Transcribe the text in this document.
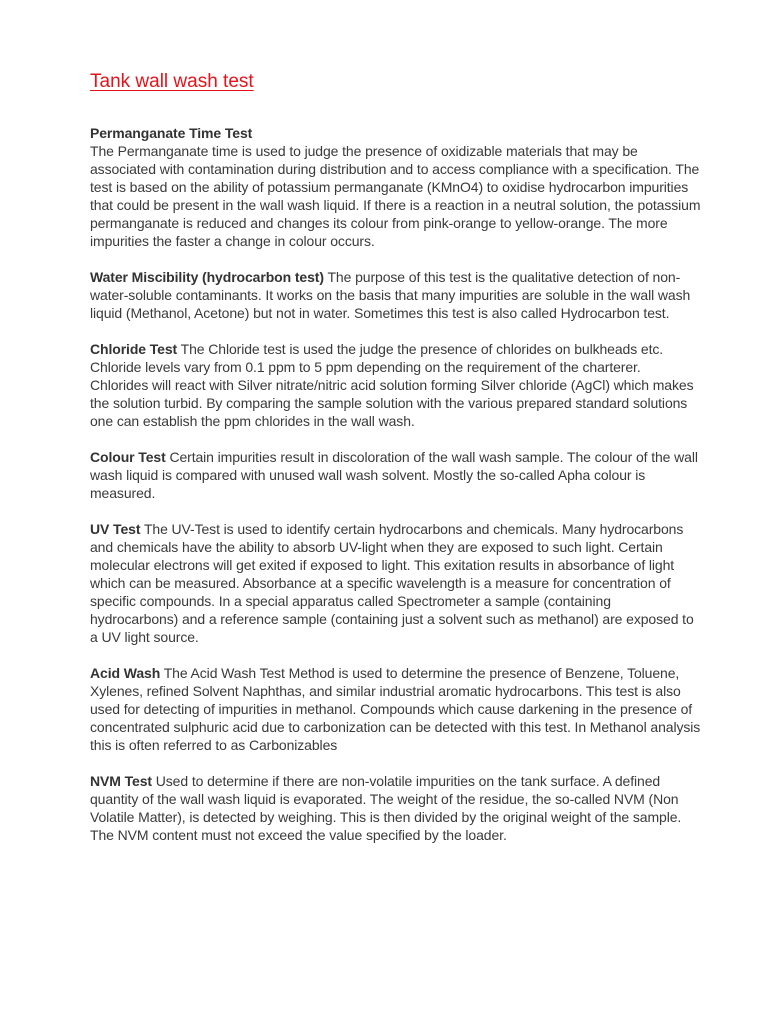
Tank wall wash test

Permanganate Time Test
The Permanganate time is used to judge the presence of oxidizable materials that may be associated with contamination during distribution and to access compliance with a specification. The test is based on the ability of potassium permanganate (KMnO4) to oxidise hydrocarbon impurities that could be present in the wall wash liquid. If there is a reaction in a neutral solution, the potassium permanganate is reduced and changes its colour from pink-orange to yellow-orange. The more impurities the faster a change in colour occurs.

Water Miscibility (hydrocarbon test) The purpose of this test is the qualitative detection of non-water-soluble contaminants. It works on the basis that many impurities are soluble in the wall wash liquid (Methanol, Acetone) but not in water. Sometimes this test is also called Hydrocarbon test.

Chloride Test The Chloride test is used the judge the presence of chlorides on bulkheads etc. Chloride levels vary from 0.1 ppm to 5 ppm depending on the requirement of the charterer. Chlorides will react with Silver nitrate/nitric acid solution forming Silver chloride (AgCl) which makes the solution turbid. By comparing the sample solution with the various prepared standard solutions one can establish the ppm chlorides in the wall wash.

Colour Test Certain impurities result in discoloration of the wall wash sample. The colour of the wall wash liquid is compared with unused wall wash solvent. Mostly the so-called Apha colour is measured.

UV Test The UV-Test is used to identify certain hydrocarbons and chemicals. Many hydrocarbons and chemicals have the ability to absorb UV-light when they are exposed to such light. Certain molecular electrons will get exited if exposed to light. This exitation results in absorbance of light which can be measured. Absorbance at a specific wavelength is a measure for concentration of specific compounds. In a special apparatus called Spectrometer a sample (containing hydrocarbons) and a reference sample (containing just a solvent such as methanol) are exposed to a UV light source.

Acid Wash The Acid Wash Test Method is used to determine the presence of Benzene, Toluene, Xylenes, refined Solvent Naphthas, and similar industrial aromatic hydrocarbons. This test is also used for detecting of impurities in methanol. Compounds which cause darkening in the presence of concentrated sulphuric acid due to carbonization can be detected with this test. In Methanol analysis this is often referred to as Carbonizables

NVM Test Used to determine if there are non-volatile impurities on the tank surface. A defined quantity of the wall wash liquid is evaporated. The weight of the residue, the so-called NVM (Non Volatile Matter), is detected by weighing. This is then divided by the original weight of the sample. The NVM content must not exceed the value specified by the loader.
